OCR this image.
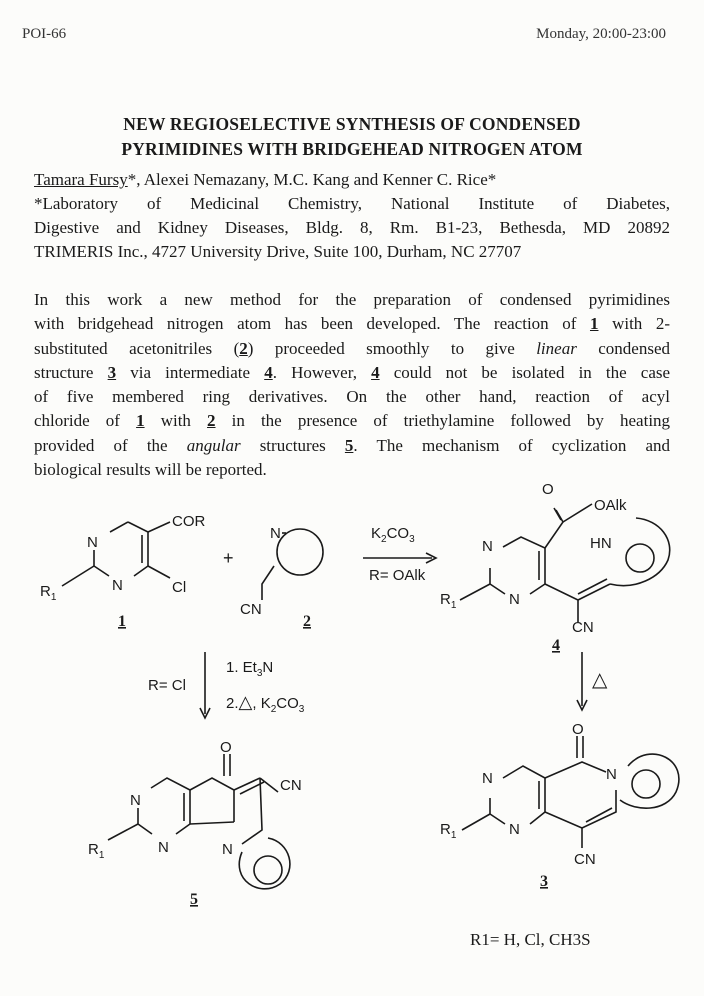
POI-66	Monday, 20:00-23:00
NEW REGIOSELECTIVE SYNTHESIS OF CONDENSED
PYRIMIDINES WITH BRIDGEHEAD NITROGEN ATOM
Tamara Fursy*, Alexei Nemazany, M.C. Kang and Kenner C. Rice*
*Laboratory of Medicinal Chemistry, National Institute of Diabetes,
Digestive and Kidney Diseases, Bldg. 8, Rm. B1-23, Bethesda, MD 20892
TRIMERIS Inc., 4727 University Drive, Suite 100, Durham, NC 27707
In this work a new method for the preparation of condensed pyrimidines
with bridgehead nitrogen atom has been developed. The reaction of 1 with 2-
substituted acetonitriles (2) proceeded smoothly to give linear condensed
structure 3 via intermediate 4. However, 4 could not be isolated in the case
of five membered ring derivatives. On the other hand, reaction of acyl
chloride of 1 with 2 in the presence of triethylamine followed by heating
provided of the angular structures 5. The mechanism of cyclization and
biological results will be reported.
COR
Cl
N
N
$R_1$
1
+
N
CN
2
$K_2CO_3$
R= OAlk
O
OAlk
HN
N
N
CN
$R_1$
4
R= Cl
1. $Et_3N$
2.△, $K_2CO_3$
△
O
CN
N
N	N
$R_1$
5
O
N
N
N
$R_1$
CN
3
R1= H, Cl, CH3S
